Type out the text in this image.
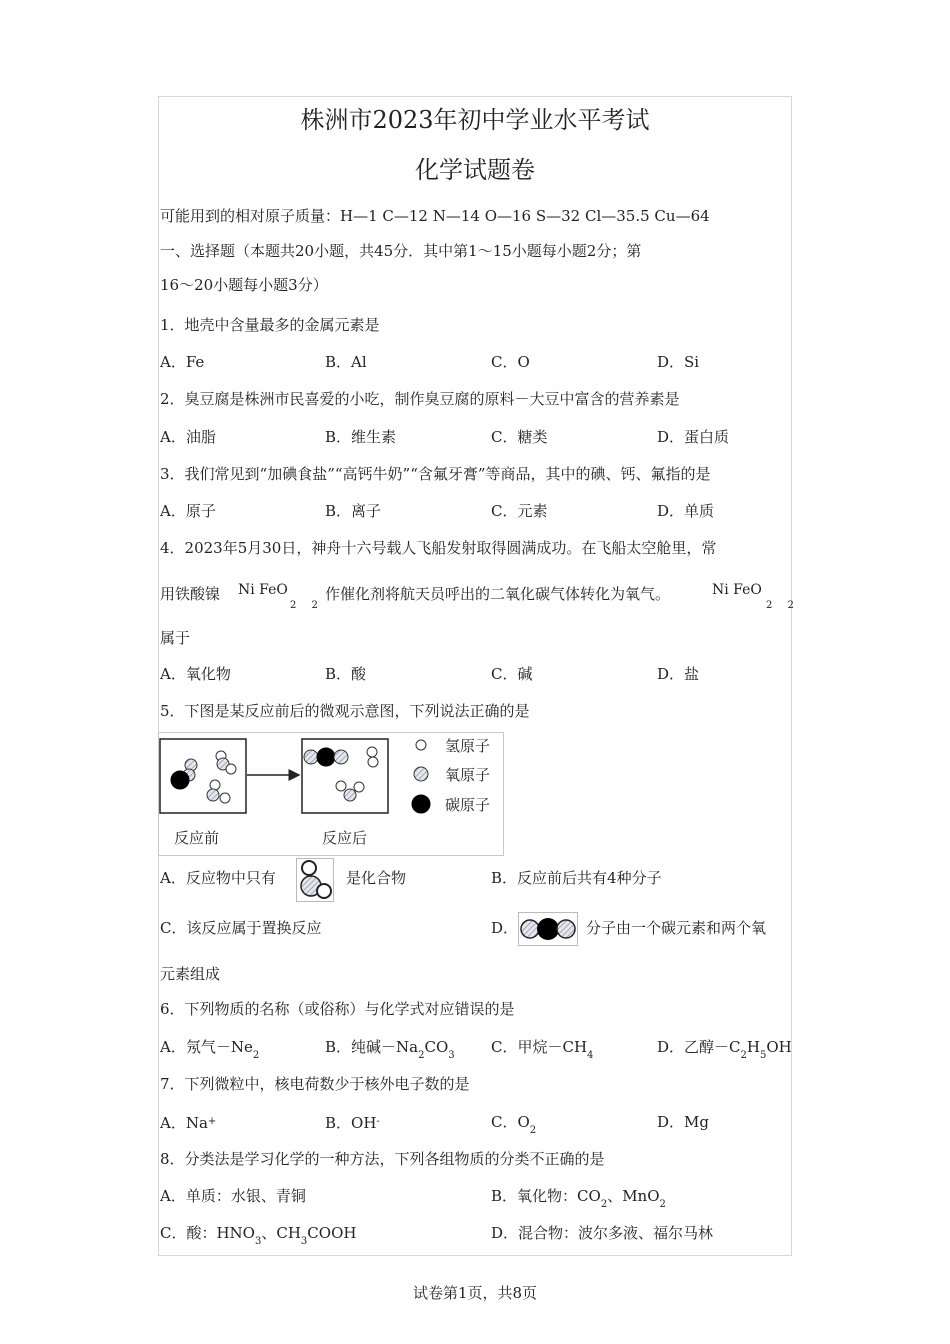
株洲市2023年初中学业水平考试
化学试题卷
可能用到的相对原子质量：H—1 C—12 N—14 O—16 S—32 Cl—35.5 Cu—64
一、选择题（本题共20小题，共45分．其中第1～15小题每小题2分；第
16～20小题每小题3分）
1．地壳中含量最多的金属元素是
A．Fe	B．Al	C．O	D．Si
2．臭豆腐是株洲市民喜爱的小吃，制作臭豆腐的原料－大豆中富含的营养素是
A．油脂	B．维生素	C．糖类	D．蛋白质
3．我们常见到“加碘食盐”“高钙牛奶”“含氟牙膏”等商品，其中的碘、钙、氟指的是
A．原子	B．离子	C．元素	D．单质
4．2023年5月30日，神舟十六号载人飞船发射取得圆满成功。在飞船太空舱里，常
用铁酸镍 Ni FeO
2 2
作催化剂将航天员呼出的二氧化碳气体转化为氧气。	Ni FeO
2 2
属于
A．氧化物	B．酸	C．碱	D．盐
5．下图是某反应前后的微观示意图，下列说法正确的是
氢原子
氧原子
碳原子
反应前	反应后
A．反应物中只有	是化合物	B．反应前后共有4种分子
C．该反应属于置换反应	D．	分子由一个碳元素和两个氧
元素组成
6．下列物质的名称（或俗称）与化学式对应错误的是
A．氖气$-Ne_2$	B．纯碱$-Na_2CO_3$ C．甲烷$-CH_4$	D．乙醇$-C_2H_5OH$
7．下列微粒中，核电荷数少于核外电子数的是
A．Na+	B．OH-	C．$O_2$	D．Mg
8．分类法是学习化学的一种方法，下列各组物质的分类不正确的是
A．单质：水银、青铜	B．氧化物：$CO_2$、MnO$_2$
C．酸：$HNO_3$、$CH_3COOH$	D．混合物：波尔多液、福尔马林
试卷第1页，共8页
